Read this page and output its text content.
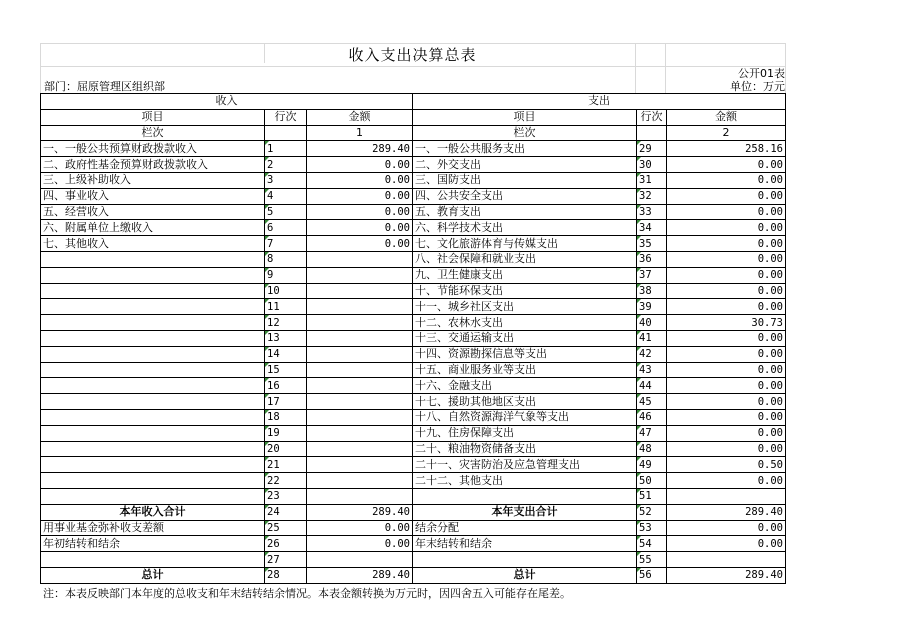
收入支出决算总表
公开01表
部门：屈原管理区组织部	单位：万元
收入			支出		
项目	行次	金额	项目	行次	金额
栏次		1	栏次		2
一、一般公共预算财政拨款收入	1	289.40	一、一般公共服务支出	29	258.16
二、政府性基金预算财政拨款收入	2	0.00	二、外交支出	30	0.00
三、上级补助收入	3	0.00	三、国防支出	31	0.00
四、事业收入	4	0.00	四、公共安全支出	32	0.00
五、经营收入	5	0.00	五、教育支出	33	0.00
六、附属单位上缴收入	6	0.00	六、科学技术支出	34	0.00
七、其他收入	7	0.00	七、文化旅游体育与传媒支出	35	0.00
	8		八、社会保障和就业支出	36	0.00
	9		九、卫生健康支出	37	0.00
	10		十、节能环保支出	38	0.00
	11		十一、城乡社区支出	39	0.00
	12		十二、农林水支出	40	30.73
	13		十三、交通运输支出	41	0.00
	14		十四、资源勘探信息等支出	42	0.00
	15		十五、商业服务业等支出	43	0.00
	16		十六、金融支出	44	0.00
	17		十七、援助其他地区支出	45	0.00
	18		十八、自然资源海洋气象等支出	46	0.00
	19		十九、住房保障支出	47	0.00
	20		二十、粮油物资储备支出	48	0.00
	21		二十一、灾害防治及应急管理支出	49	0.50
	22		二十二、其他支出	50	0.00
	23			51	
本年收入合计	24	289.40	本年支出合计	52	289.40
用事业基金弥补收支差额	25	0.00	结余分配	53	0.00
年初结转和结余	26	0.00	年末结转和结余	54	0.00
	27			55	
总计	28	289.40	总计	56	289.40
注：本表反映部门本年度的总收支和年末结转结余情况。本表金额转换为万元时，因四舍五入可能存在尾差。
